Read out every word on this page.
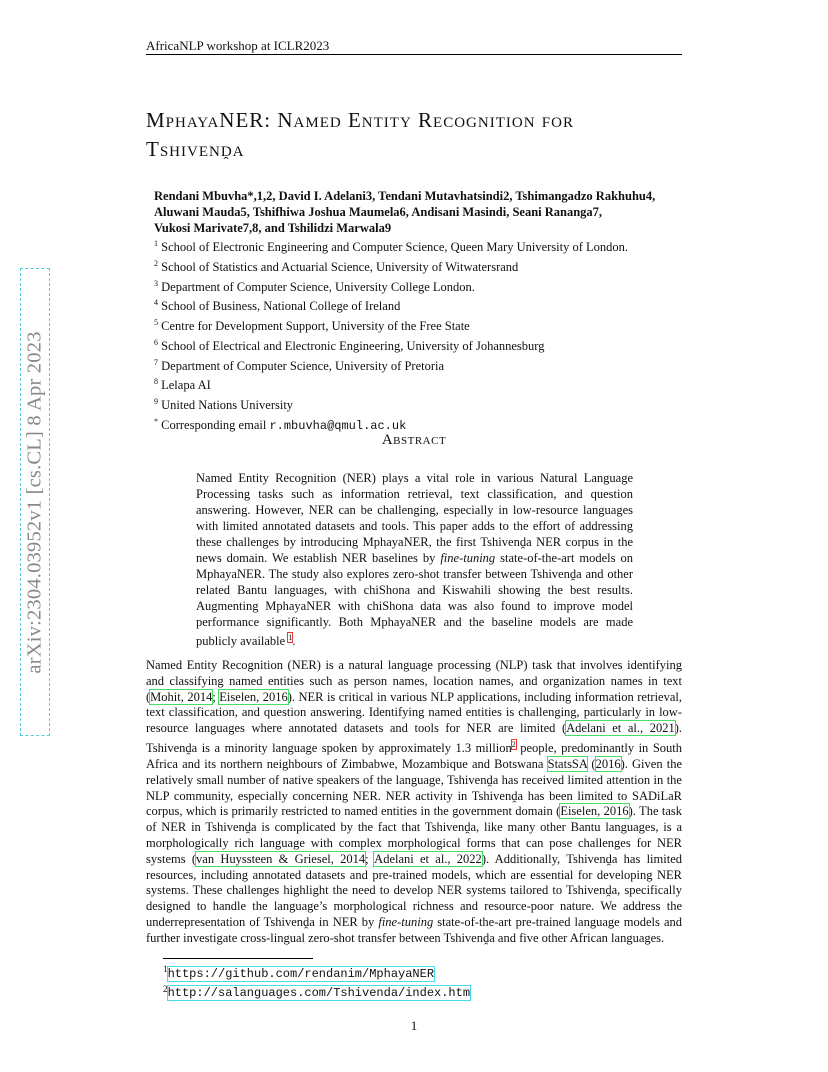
AfricaNLP workshop at ICLR2023
arXiv:2304.03952v1 [cs.CL] 8 Apr 2023
MphayaNER: Named Entity Recognition for
Tshivenḓa
Rendani Mbuvha*,1,2, David I. Adelani3, Tendani Mutavhatsindi2, Tshimangadzo Rakhuhu4,
Aluwani Mauda5, Tshifhiwa Joshua Maumela6, Andisani Masindi, Seani Rananga7,
Vukosi Marivate7,8, and Tshilidzi Marwala9
$^1$ School of Electronic Engineering and Computer Science, Queen Mary University of London.
$^2$ School of Statistics and Actuarial Science, University of Witwatersrand
$^3$ Department of Computer Science, University College London.
$^4$ School of Business, National College of Ireland
$^5$ Centre for Development Support, University of the Free State
$^6$ School of Electrical and Electronic Engineering, University of Johannesburg
$^7$ Department of Computer Science, University of Pretoria
$^8$ Lelapa AI
$^9$ United Nations University
* Corresponding email r.mbuvha@qmul.ac.uk
Abstract
Named Entity Recognition (NER) plays a vital role in various Natural Language Processing tasks such as information retrieval, text classification, and question answering. However, NER can be challenging, especially in low-resource languages with limited annotated datasets and tools. This paper adds to the effort of addressing these challenges by introducing MphayaNER, the first Tshivenḓa NER corpus in the news domain. We establish NER baselines by fine-tuning state-of-the-art models on MphayaNER. The study also explores zero-shot transfer between Tshivenḓa and other related Bantu languages, with chiShona and Kiswahili showing the best results. Augmenting MphayaNER with chiShona data was also found to improve model performance significantly. Both MphayaNER and the baseline models are made publicly available $^1$.
Named Entity Recognition (NER) is a natural language processing (NLP) task that involves identifying and classifying named entities such as person names, location names, and organization names in text (Mohit, 2014; Eiselen, 2016). NER is critical in various NLP applications, including information retrieval, text classification, and question answering. Identifying named entities is challenging, particularly in low-resource languages where annotated datasets and tools for NER are limited (Adelani et al., 2021). Tshivenḓa is a minority language spoken by approximately 1.3 million$^2$ people, predominantly in South Africa and its northern neighbours of Zimbabwe, Mozambique and Botswana StatsSA (2016). Given the relatively small number of native speakers of the language, Tshivenḓa has received limited attention in the NLP community, especially concerning NER. NER activity in Tshivenḓa has been limited to SADiLaR corpus, which is primarily restricted to named entities in the government domain (Eiselen, 2016). The task of NER in Tshivenḓa is complicated by the fact that Tshivenḓa, like many other Bantu languages, is a morphologically rich language with complex morphological forms that can pose challenges for NER systems (van Huyssteen & Griesel, 2014; Adelani et al., 2022). Additionally, Tshivenḓa has limited resources, including annotated datasets and pre-trained models, which are essential for developing NER systems. These challenges highlight the need to develop NER systems tailored to Tshivenḓa, specifically designed to handle the language’s morphological richness and resource-poor nature. We address the underrepresentation of Tshivenḓa in NER by fine-tuning state-of-the-art pre-trained language models and further investigate cross-lingual zero-shot transfer between Tshivenḓa and five other African languages.
$^1$https://github.com/rendanim/MphayaNER
$^2$http://salanguages.com/Tshivenda/index.htm
1
